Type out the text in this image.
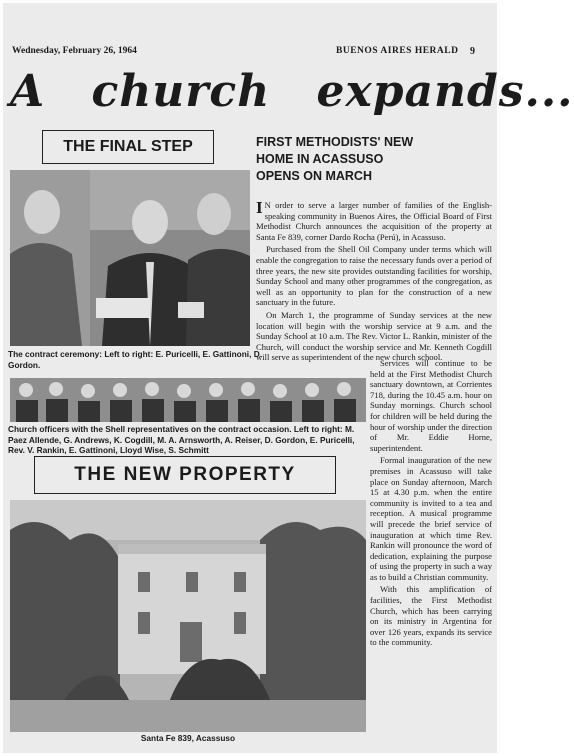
Wednesday, February 26, 1964	BUENOS AIRES HERALD 9
A church expands...
THE FINAL STEP	FIRST METHODISTS' NEW
HOME IN ACASSUSO
OPENS ON MARCH
The contract ceremony: Left to right: E. Puricelli, E. Gattinoni, D. Gordon.
Church officers with the Shell representatives on the contract occasion. Left to right: M. Paez Allende, G. Andrews, K. Cogdill, M. A. Arnsworth, A. Reiser, D. Gordon, E. Puricelli, Rev. V. Rankin, E. Gattinoni, Lloyd Wise, S. Schmitt
THE NEW PROPERTY
Santa Fe 839, Acassuso

I N order to serve a larger number of families of the English-speaking community in Buenos Aires, the Official Board of First Methodist Church announces the acquisition of the property at Santa Fe 839, corner Dardo Rocha (Perú), in Acassuso.

Purchased from the Shell Oil Company under terms which will enable the congregation to raise the necessary funds over a period of three years, the new site provides outstanding facilities for worship, Sunday School and many other programmes of the congregation, as well as an opportunity to plan for the construction of a new sanctuary in the future.

On March 1, the programme of Sunday services at the new location will begin with the worship service at 9 a.m. and the Sunday School at 10 a.m. The Rev. Victor L. Rankin, minister of the Church, will conduct the worship service and Mr. Kenneth Cogdill will serve as superintendent of the new church school.

Services will continue to be held at the First Methodist Church sanctuary downtown, at Corrientes 718, during the 10.45 a.m. hour on Sunday mornings. Church school for children will be held during the hour of worship under the direction of Mr. Eddie Horne, superintendent.

Formal inauguration of the new premises in Acassuso will take place on Sunday afternoon, March 15 at 4.30 p.m. when the entire community is invited to a tea and reception. A musical programme will precede the brief service of inauguration at which time Rev. Rankin will pronounce the word of dedication, explaining the purpose of using the property in such a way as to build a Christian community.

With this amplification of facilities, the First Methodist Church, which has been carrying on its ministry in Argentina for over 126 years, expands its service to the community.
